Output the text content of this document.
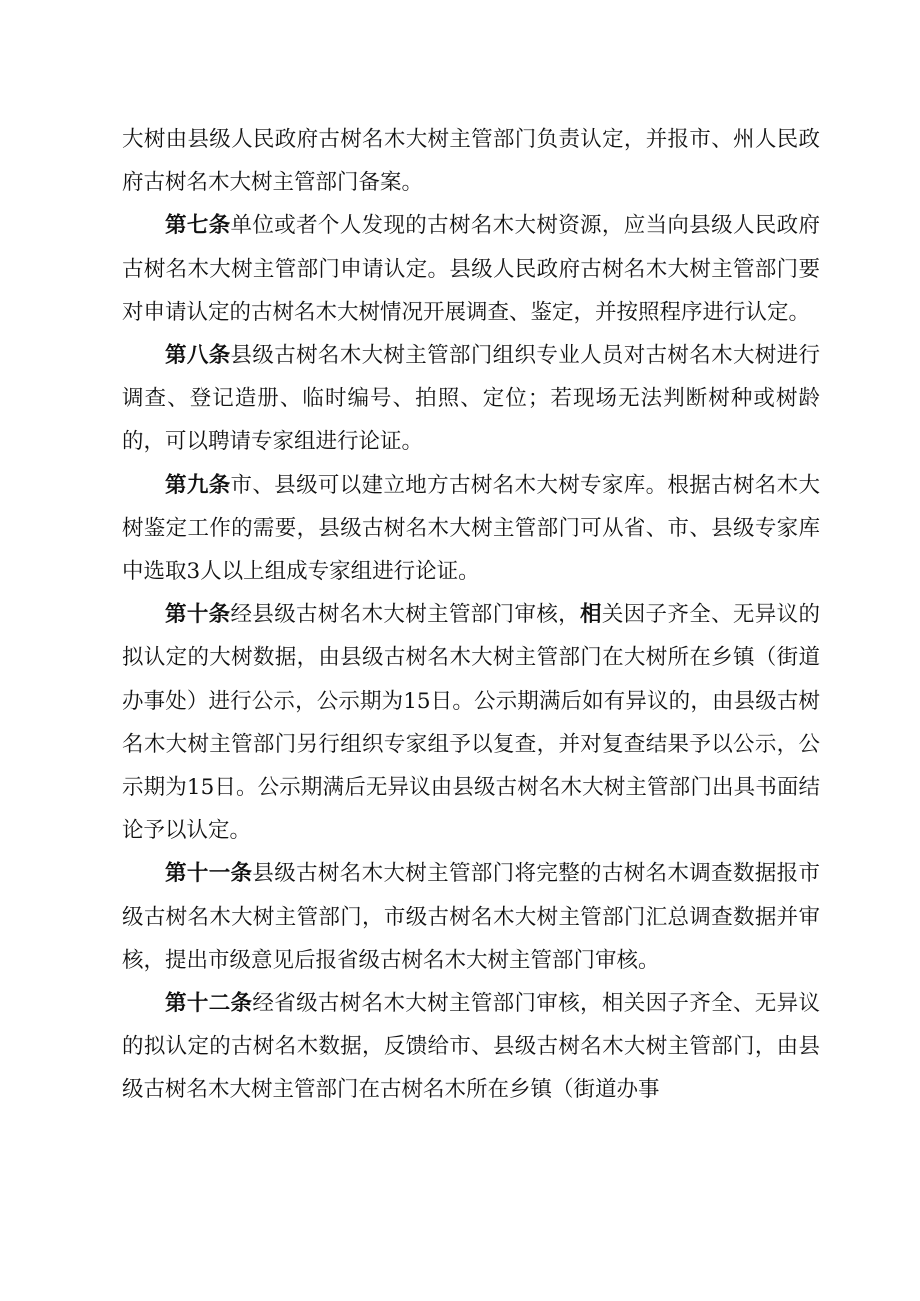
大树由县级人民政府古树名木大树主管部门负责认定，并报市、州人民政府古树名木大树主管部门备案。

第七条单位或者个人发现的古树名木大树资源，应当向县级人民政府古树名木大树主管部门申请认定。县级人民政府古树名木大树主管部门要对申请认定的古树名木大树情况开展调查、鉴定，并按照程序进行认定。

第八条县级古树名木大树主管部门组织专业人员对古树名木大树进行调查、登记造册、临时编号、拍照、定位；若现场无法判断树种或树龄的，可以聘请专家组进行论证。

第九条市、县级可以建立地方古树名木大树专家库。根据古树名木大树鉴定工作的需要，县级古树名木大树主管部门可从省、市、县级专家库中选取3人以上组成专家组进行论证。

第十条经县级古树名木大树主管部门审核，相关因子齐全、无异议的拟认定的大树数据，由县级古树名木大树主管部门在大树所在乡镇（街道办事处）进行公示，公示期为15日。公示期满后如有异议的，由县级古树名木大树主管部门另行组织专家组予以复查，并对复查结果予以公示，公示期为15日。公示期满后无异议由县级古树名木大树主管部门出具书面结论予以认定。

第十一条县级古树名木大树主管部门将完整的古树名木调查数据报市级古树名木大树主管部门，市级古树名木大树主管部门汇总调查数据并审核，提出市级意见后报省级古树名木大树主管部门审核。

第十二条经省级古树名木大树主管部门审核，相关因子齐全、无异议的拟认定的古树名木数据，反馈给市、县级古树名木大树主管部门，由县级古树名木大树主管部门在古树名木所在乡镇（街道办事
